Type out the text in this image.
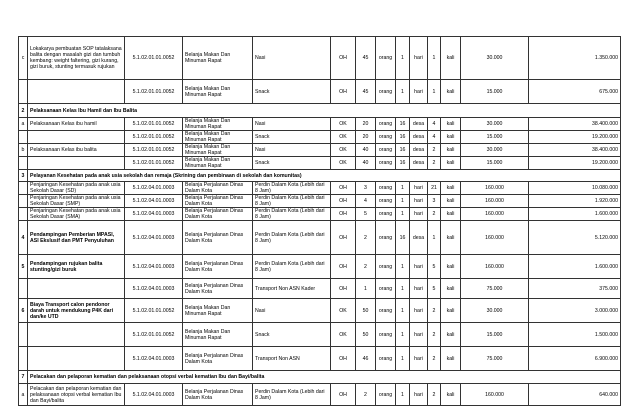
c	Lokakarya pembuatan SOP tatalaksana balita dengan masalah gizi dan tumbuh kembang: weight faltering, gizi kurang, gizi buruk, stunting termasuk rujukan	5.1.02.01.01.0052	Belanja Makan Dan Minuman Rapat	Nasi	OH	45	orang	1	hari	1	kali	30.000	1.350.000
		5.1.02.01.01.0052	Belanja Makan Dan Minuman Rapat	Snack	OH	45	orang	1	hari	1	kali	15.000	675.000
2	Pelaksanaan Kelas Ibu Hamil dan Ibu Balita												
a	Pelaksanaan Kelas ibu hamil	5.1.02.01.01.0052	Belanja Makan Dan Minuman Rapat	Nasi	OK	20	orang	16	desa	4	kali	30.000	38.400.000
		5.1.02.01.01.0052	Belanja Makan Dan Minuman Rapat	Snack	OK	20	orang	16	desa	4	kali	15.000	19.200.000
b	Pelaksanaan Kelas ibu balita	5.1.02.01.01.0052	Belanja Makan Dan Minuman Rapat	Nasi	OK	40	orang	16	desa	2	kali	30.000	38.400.000
		5.1.02.01.01.0052	Belanja Makan Dan Minuman Rapat	Snack	OK	40	orang	16	desa	2	kali	15.000	19.200.000
3	Pelayanan Kesehatan pada anak usia sekolah dan remaja (Skrining dan pembinaan di sekolah dan komunitas)												
	Penjaringan Kesehatan pada anak usia Sekolah Dasar (SD)	5.1.02.04.01.0003	Belanja Perjalanan Dinas Dalam Kota	Perdin Dalam Kota (Lebih dari 8 Jam)	OH	3	orang	1	hari	21	kali	160.000	10.080.000
	Penjaringan Kesehatan pada anak usia Sekolah Dasar (SMP)	5.1.02.04.01.0003	Belanja Perjalanan Dinas Dalam Kota	Perdin Dalam Kota (Lebih dari 8 Jam)	OH	4	orang	1	hari	3	kali	160.000	1.920.000
	Penjaringan Kesehatan pada anak usia Sekolah Dasar (SMA)	5.1.02.04.01.0003	Belanja Perjalanan Dinas Dalam Kota	Perdin Dalam Kota (Lebih dari 8 Jam)	OH	5	orang	1	hari	2	kali	160.000	1.600.000
4	Pendampingan Pemberian MPASI, ASI Ekslusif dan PMT Penyuluhan	5.1.02.04.01.0003	Belanja Perjalanan Dinas Dalam Kota	Perdin Dalam Kota (Lebih dari 8 Jam)	OH	2	orang	16	desa	1	kali	160.000	5.120.000
5	Pendampingan rujukan balita stunting/gizi buruk	5.1.02.04.01.0003	Belanja Perjalanan Dinas Dalam Kota	Perdin Dalam Kota (Lebih dari 8 Jam)	OH	2	orang	1	hari	5	kali	160.000	1.600.000
		5.1.02.04.01.0003	Belanja Perjalanan Dinas Dalam Kota	Transport Non ASN Kader	OH	1	orang	1	hari	5	kali	75.000	375.000
6	Biaya Transport calon pendonor darah untuk mendukung P4K dari dan/ke UTD	5.1.02.01.01.0052	Belanja Makan Dan Minuman Rapat	Nasi	OK	50	orang	1	hari	2	kali	30.000	3.000.000
		5.1.02.01.01.0052	Belanja Makan Dan Minuman Rapat	Snack	OK	50	orang	1	hari	2	kali	15.000	1.500.000
		5.1.02.04.01.0003	Belanja Perjalanan Dinas Dalam Kota	Transport Non ASN	OH	46	orang	1	hari	2	kali	75.000	6.900.000
7	Pelacakan dan pelaporan kematian dan pelaksanaan otopsi verbal kematian Ibu dan Bayi/balita												
a	Pelacakan dan pelaporan kematian dan pelaksanaan otopsi verbal kematian Ibu dan Bayi/balita	5.1.02.04.01.0003	Belanja Perjalanan Dinas Dalam Kota	Perdin Dalam Kota (Lebih dari 8 Jam)	OH	2	orang	1	hari	2	kali	160.000	640.000
